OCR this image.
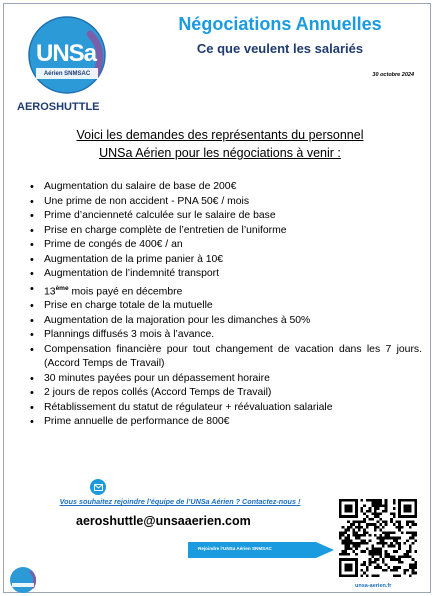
UNSa
Aérien SNMSAC
AEROSHUTTLE
Négociations Annuelles
Ce que veulent les salariés
30 octobre 2024
Voici les demandes des représentants du personnel
UNSa Aérien pour les négociations à venir :
• Augmentation du salaire de base de 200€
• Une prime de non accident - PNA 50€ / mois
• Prime d’ancienneté calculée sur le salaire de base
• Prise en charge complète de l’entretien de l’uniforme
• Prime de congés de 400€ / an
• Augmentation de la prime panier à 10€
• Augmentation de l’indemnité transport
• 13ème mois payé en décembre
• Prise en charge totale de la mutuelle
• Augmentation de la majoration pour les dimanches à 50%
• Plannings diffusés 3 mois à l’avance.
• Compensation financière pour tout changement de vacation dans les 7 jours. (Accord Temps de Travail)
• 30 minutes payées pour un dépassement horaire
• 2 jours de repos collés (Accord Temps de Travail)
• Rétablissement du statut de régulateur + réévaluation salariale
• Prime annuelle de performance de 800€
Vous souhaitez rejoindre l’équipe de l’UNSa Aérien ? Contactez-nous !
aeroshuttle@unsaaerien.com
Rejoindre l’UNSa Aérien SNMSAC
unsa-aerien.fr
